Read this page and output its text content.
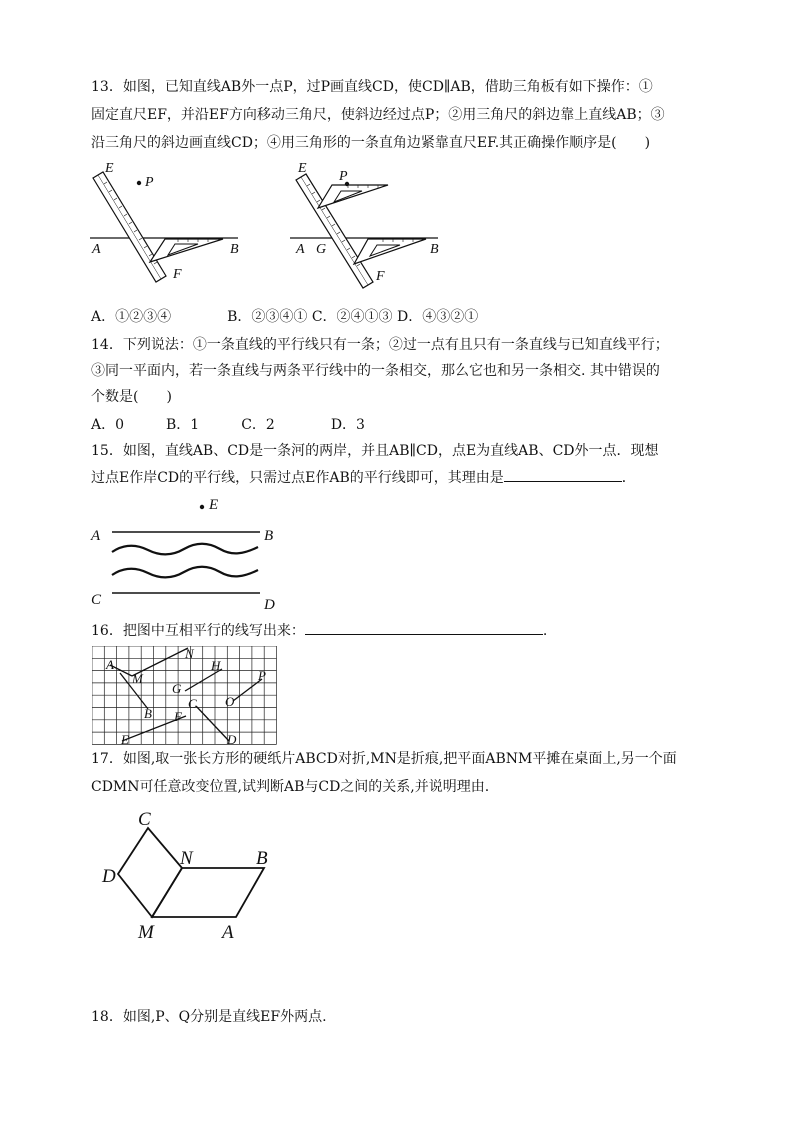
13．如图，已知直线AB外一点P，过P画直线CD，使CD∥AB，借助三角板有如下操作：①
固定直尺EF，并沿EF方向移动三角尺，使斜边经过点P；②用三角尺的斜边靠上直线AB；③
沿三角尺的斜边画直线CD；④用三角形的一条直角边紧靠直尺EF.其正确操作顺序是(　　)
E
P
A	B
F
E
P
A G	B
F
A．①②③④　　　　B．②③④① C．②④①③ D．④③②①
14．下列说法：①一条直线的平行线只有一条；②过一点有且只有一条直线与已知直线平行；
③同一平面内，若一条直线与两条平行线中的一条相交，那么它也和另一条相交. 其中错误的
个数是(　　)
A．0　　　B．1　　　C．2　　　　D．3
15．如图，直线AB、CD是一条河的两岸，并且AB∥CD，点E为直线AB、CD外一点．现想
过点E作岸CD的平行线，只需过点E作AB的平行线即可，其理由是	．
E
A	B
C	D
16．把图中互相平行的线写出来：	.
A
M
N
H
G
P
O
C
B F
E	D
17．如图,取一张长方形的硬纸片ABCD对折,MN是折痕,把平面ABNM平摊在桌面上,另一个面
CDMN可任意改变位置,试判断AB与CD之间的关系,并说明理由.
C
D
N	B
M	A
18．如图,P、Q分别是直线EF外两点.
